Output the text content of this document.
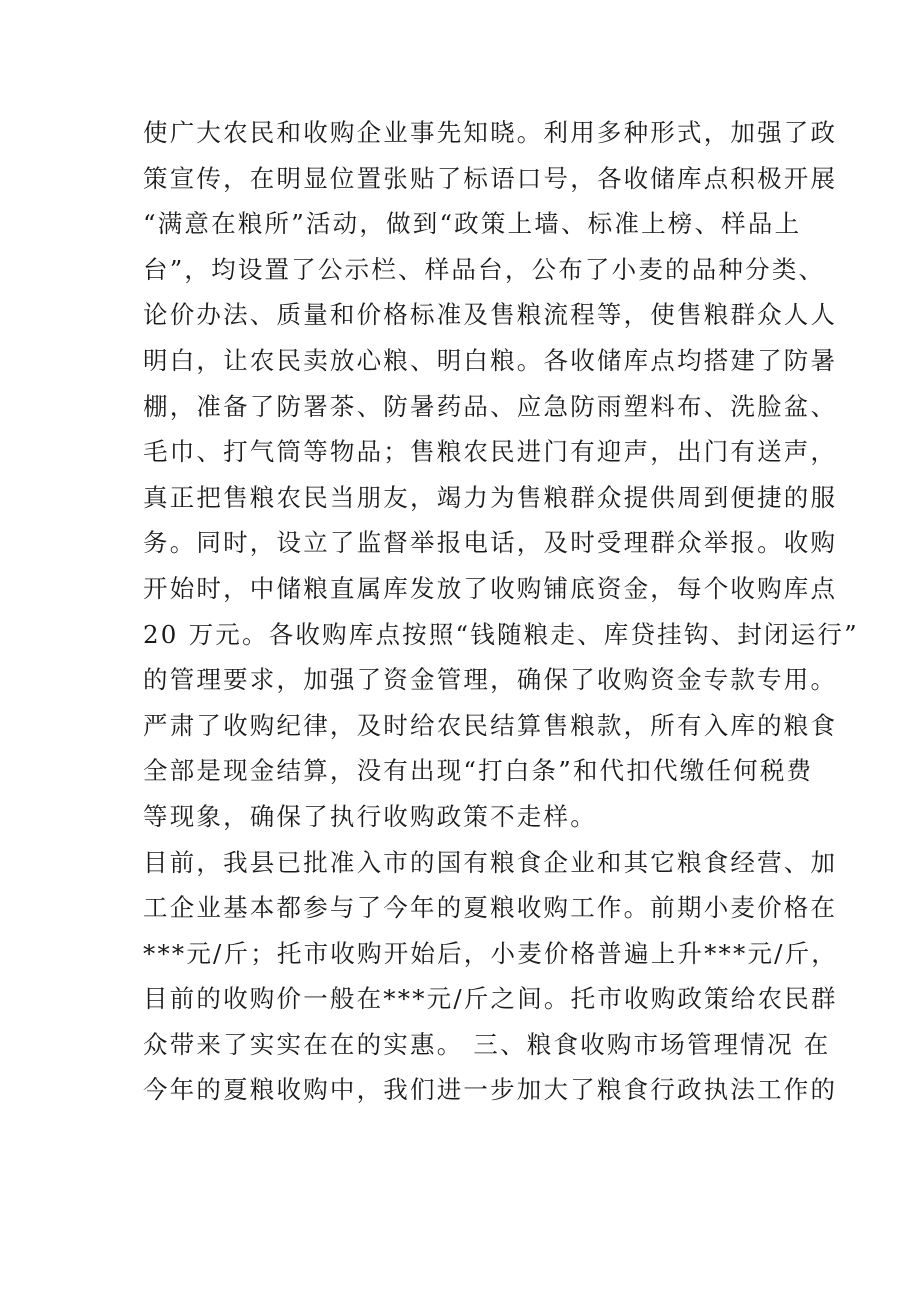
使广大农民和收购企业事先知晓。利用多种形式，加强了政
策宣传，在明显位置张贴了标语口号，各收储库点积极开展
“满意在粮所”活动，做到“政策上墙、标准上榜、样品上
台”，均设置了公示栏、样品台，公布了小麦的品种分类、
论价办法、质量和价格标准及售粮流程等，使售粮群众人人
明白，让农民卖放心粮、明白粮。各收储库点均搭建了防暑
棚，准备了防署茶、防暑药品、应急防雨塑料布、洗脸盆、
毛巾、打气筒等物品；售粮农民进门有迎声，出门有送声，
真正把售粮农民当朋友，竭力为售粮群众提供周到便捷的服
务。同时，设立了监督举报电话，及时受理群众举报。收购
开始时，中储粮直属库发放了收购铺底资金，每个收购库点
20 万元。各收购库点按照“钱随粮走、库贷挂钩、封闭运行”
的管理要求，加强了资金管理，确保了收购资金专款专用。
严肃了收购纪律，及时给农民结算售粮款，所有入库的粮食
全部是现金结算，没有出现“打白条”和代扣代缴任何税费
等现象，确保了执行收购政策不走样。
目前，我县已批准入市的国有粮食企业和其它粮食经营、加
工企业基本都参与了今年的夏粮收购工作。前期小麦价格在
***元/斤；托市收购开始后，小麦价格普遍上升***元/斤，
目前的收购价一般在***元/斤之间。托市收购政策给农民群
众带来了实实在在的实惠。 三、粮食收购市场管理情况 在
今年的夏粮收购中，我们进一步加大了粮食行政执法工作的
